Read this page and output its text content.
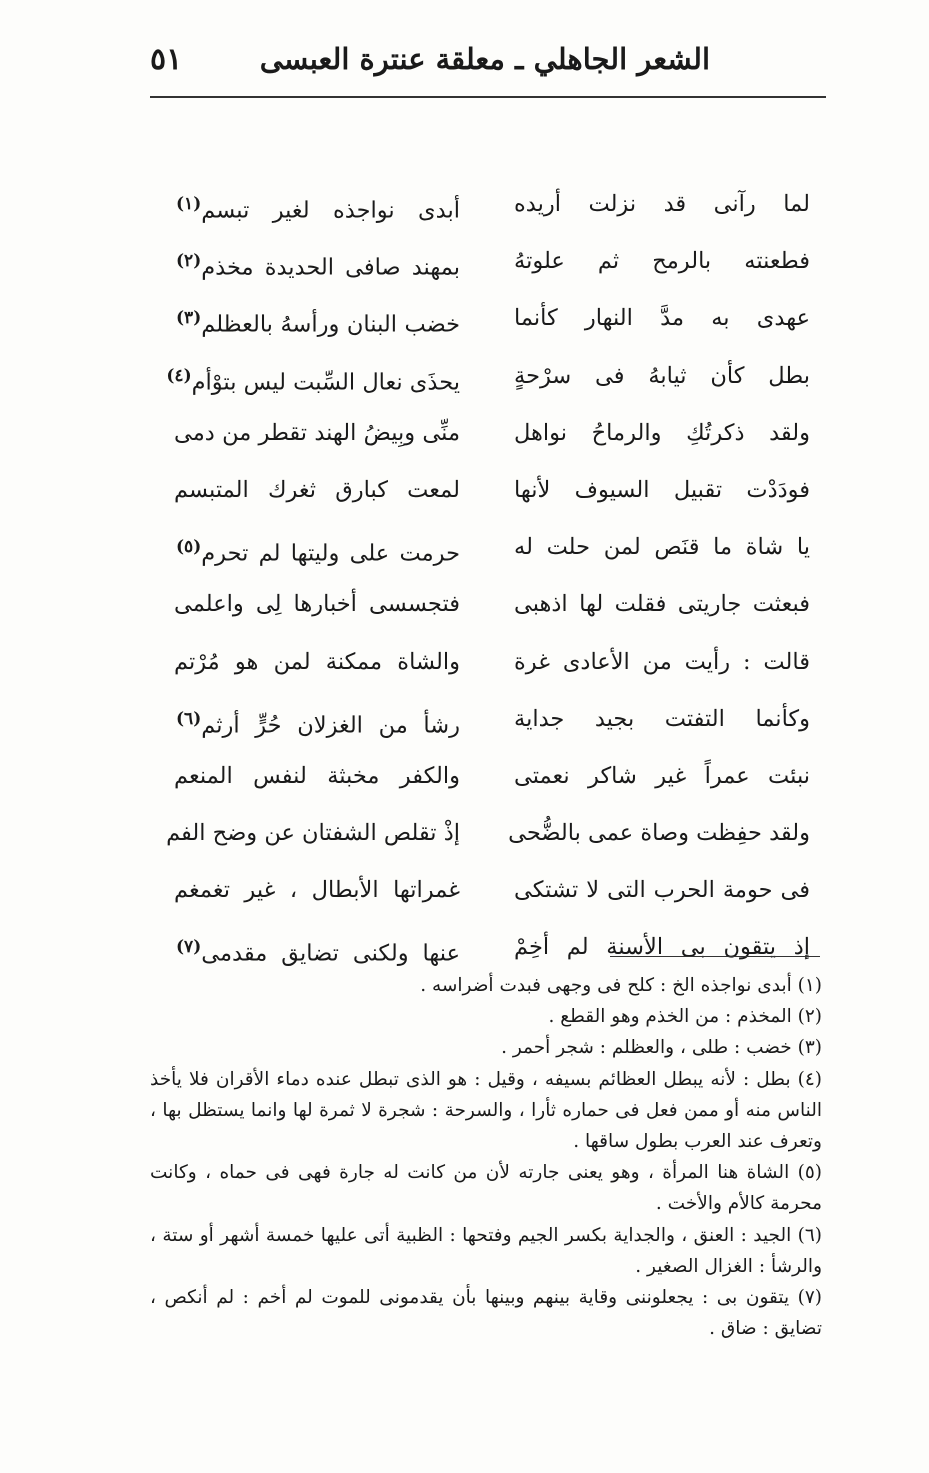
٥١	الشعر الجاهلي ـ معلقة عنترة العبسى
لما رآنى قد نزلت أريده
أبدى نواجذه لغير تبسم$^{(١)}$
فطعنته بالرمح ثم علوتهُ
بمهند صافى الحديدة مخذم$^{(٢)}$
عهدى به مدَّ النهار كأنما
خضب البنان ورأسهُ بالعظلم$^{(٣)}$
بطل كأن ثيابهُ فى سرْحةٍ
يحذَى نعال السِّبت ليس بتوْأم$^{(٤)}$
ولقد ذكرتُكِ والرماحُ نواهل
منِّى وبِيضُ الهند تقطر من دمى
فودَدْت تقبيل السيوف لأنها
لمعت كبارق ثغرك المتبسم
يا شاة ما قنَص لمن حلت له
حرمت على وليتها لم تحرم$^{(٥)}$
فبعثت جاريتى فقلت لها اذهبى
فتجسسى أخبارها لِى واعلمى
قالت : رأيت من الأعادى غرة
والشاة ممكنة لمن هو مُرْتم
وكأنما التفتت بجيد جداية
رشأ من الغزلان حُرٍّ أرثم$^{(٦)}$
نبئت عمراً غير شاكر نعمتى
والكفر مخبثة لنفس المنعم
ولقد حفِظت وصاة عمى بالضُّحى
إذْ تقلص الشفتان عن وضح الفم
فى حومة الحرب التى لا تشتكى
غمراتها الأبطال ، غير تغمغم
إذ يتقون بى الأسنة لم أخِمْ
عنها ولكنى تضايق مقدمى$^{(٧)}$
(١) أبدى نواجذه الخ : كلح فى وجهى فبدت أضراسه .
(٢) المخذم : من الخذم وهو القطع .
(٣) خضب : طلى ، والعظلم : شجر أحمر .
(٤) بطل : لأنه يبطل العظائم بسيفه ، وقيل : هو الذى تبطل عنده دماء الأقران فلا يأخذ الناس منه أو ممن فعل فى حماره ثأرا ، والسرحة : شجرة لا ثمرة لها وانما يستظل بها ، وتعرف عند العرب بطول ساقها .
(٥) الشاة هنا المرأة ، وهو يعنى جارته لأن من كانت له جارة فهى فى حماه ، وكانت محرمة كالأم والأخت .
(٦) الجيد : العنق ، والجداية بكسر الجيم وفتحها : الظبية أتى عليها خمسة أشهر أو ستة ، والرشأ : الغزال الصغير .
(٧) يتقون بى : يجعلوننى وقاية بينهم وبينها بأن يقدمونى للموت لم أخم : لم أنكص ، تضايق : ضاق .
